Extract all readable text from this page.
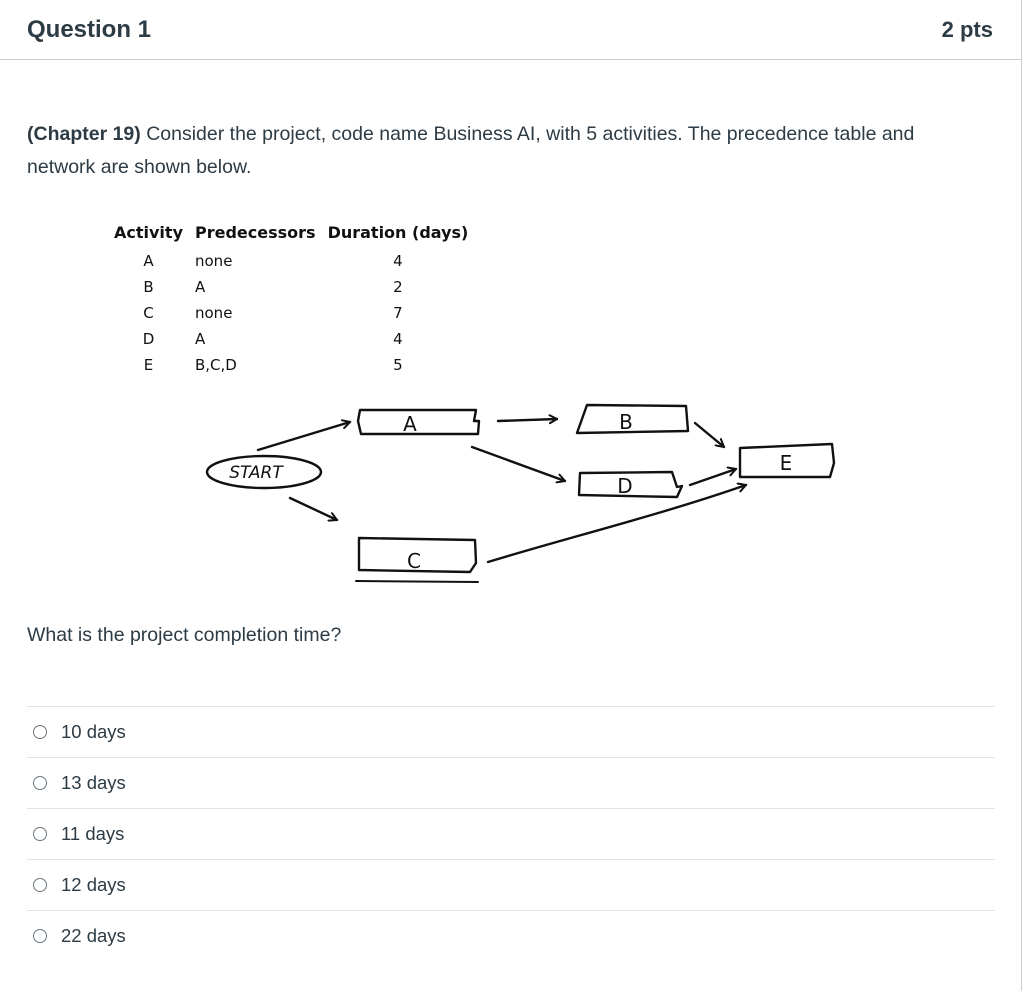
Question 1	2 pts
(Chapter 19) Consider the project, code name Business AI, with 5 activities. The precedence table and network are shown below.
Activity	Predecessors	Duration (days)
A	none	4
B	A	2
C	none	7
D	A	4
E	B,C,D	5
START
A	B
D
E
C
What is the project completion time?
10 days
13 days
11 days
12 days
22 days
